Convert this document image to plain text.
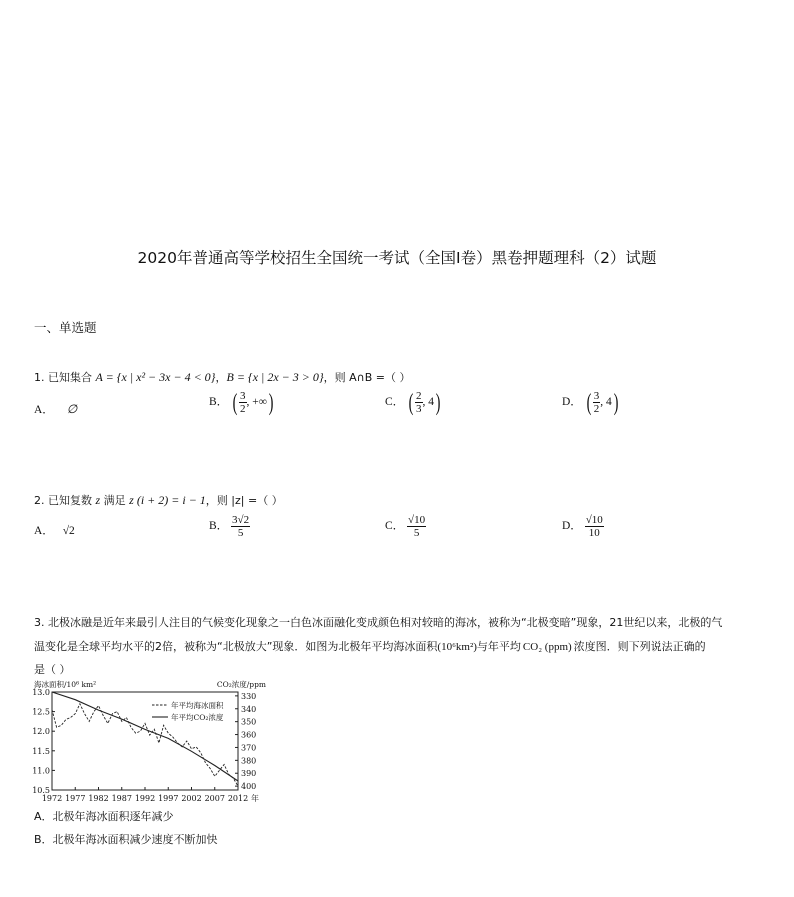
2020年普通高等学校招生全国统一考试（全国Ⅰ卷）黑卷押题理科（2）试题
一、单选题
1. 已知集合 A = {x | x² − 3x − 4 < 0}，B = {x | 2x − 3 > 0}，则 A∩B =（ ）
A． ∅	B． ( $\frac{3}{2}$ , +∞)	C． ( $\frac{2}{3}$ , 4)	D． ( $\frac{3}{2}$ , 4)
2. 已知复数 z 满足 z (i + 2) = i − 1，则 |z| =（ ）
A． √2	B． $\frac{3√2}{5}$	C． $\frac{√10}{5}$	D． $\frac{√10}{10}$
3. 北极冰融是近年来最引人注目的气候变化现象之一白色冰面融化变成颜色相对较暗的海冰，被称为“北极变暗”现象，21世纪以来，北极的气
温变化是全球平均水平的2倍，被称为“北极放大”现象．如图为北极年平均海冰面积(10⁶km²)与年平均 CO₂ (ppm) 浓度图．则下列说法正确的
是（ ）
海冰面积/10⁶ km²	CO₂浓度/ppm
13.0
12.5
12.0
11.5
11.0
10.5
330
340
350
360
370
380
390
400
1972 1977 1982 1987 1992 1997 2002 2007 2012 年
年平均海冰面积
年平均CO₂浓度
A．北极年海冰面积逐年减少
B．北极年海冰面积减少速度不断加快
